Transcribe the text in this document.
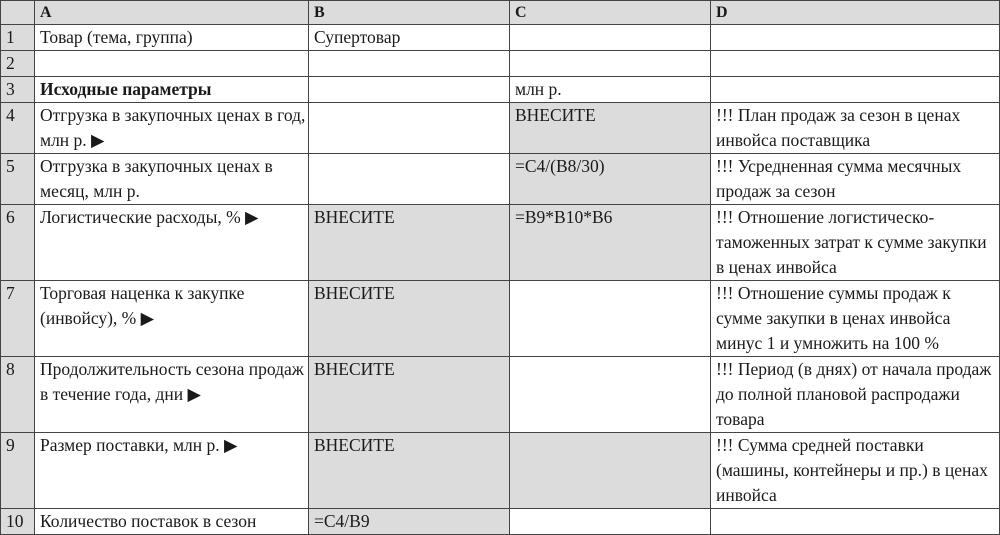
	A	B	C	D
1	Товар (тема, группа)	Супертовар		
2				
3	Исходные параметры		млн р.	
4	Отгрузка в закупочных ценах в год, млн р. ▶		ВНЕСИТЕ	!!! План продаж за сезон в ценах инвойса поставщика
5	Отгрузка в закупочных ценах в месяц, млн р.		=C4/(B8/30)	!!! Усредненная сумма месячных продаж за сезон
6	Логистические расходы, % ▶	ВНЕСИТЕ	=B9*B10*B6	!!! Отношение логистическотаможенных затрат к сумме закупки в ценах инвойса
7	Торговая наценка к закупке (инвойсу), % ▶	ВНЕСИТЕ		!!! Отношение суммы продаж к сумме закупки в ценах инвойса минус 1 и умножить на 100 %
8	Продолжительность сезона продаж в течение года, дни ▶	ВНЕСИТЕ		!!! Период (в днях) от начала продаж до полной плановой распродажи товара
9	Размер поставки, млн р. ▶	ВНЕСИТЕ		!!! Сумма средней поставки (машины, контейнеры и пр.) в ценах инвойса
10	Количество поставок в сезон	=C4/B9		
